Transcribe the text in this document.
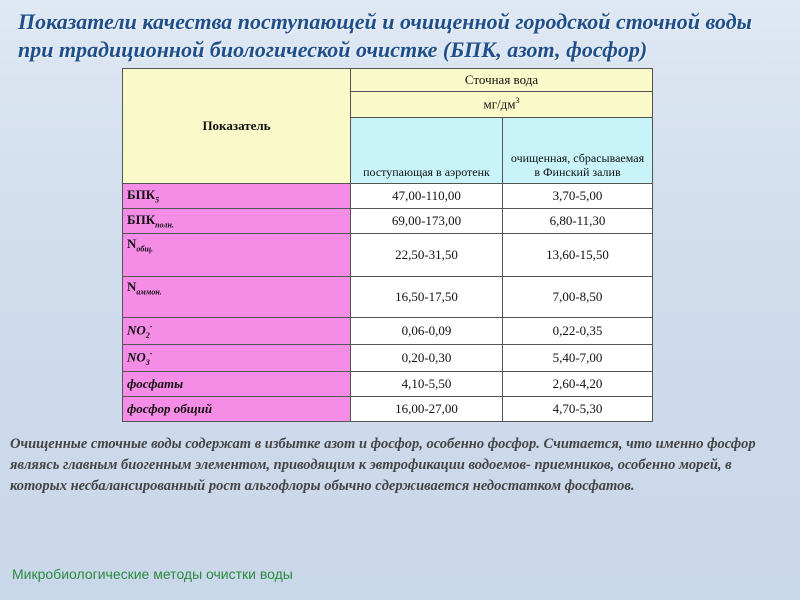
Показатели качества поступающей и очищенной городской сточной воды при традиционной биологической очистке (БПК, азот, фосфор)
Показатель	Сточная вода	
	$мг/дм^3$
	поступающая в аэротенк	очищенная, сбрасываемая в Финский залив
$БПК_5$	47,00-110,00	3,70-5,00
$БПК_{полн.}$	69,00-173,00	6,80-11,30
$N_{общ.}$	22,50-31,50	13,60-15,50
$N_{аммон.}$	16,50-17,50	7,00-8,50
$NO_2^-$	0,06-0,09	0,22-0,35
$NO_3^-$	0,20-0,30	5,40-7,00
фосфаты	4,10-5,50	2,60-4,20
фосфор общий	16,00-27,00	4,70-5,30
Очищенные сточные воды содержат в избытке азот и фосфор, особенно фосфор. Считается, что именно фосфор являясь главным биогенным элементом, приводящим к эвтрофикации водоемов- приемников, особенно морей, в которых несбалансированный рост альгофлоры обычно сдерживается недостатком фосфатов.
Микробиологические методы очистки воды
